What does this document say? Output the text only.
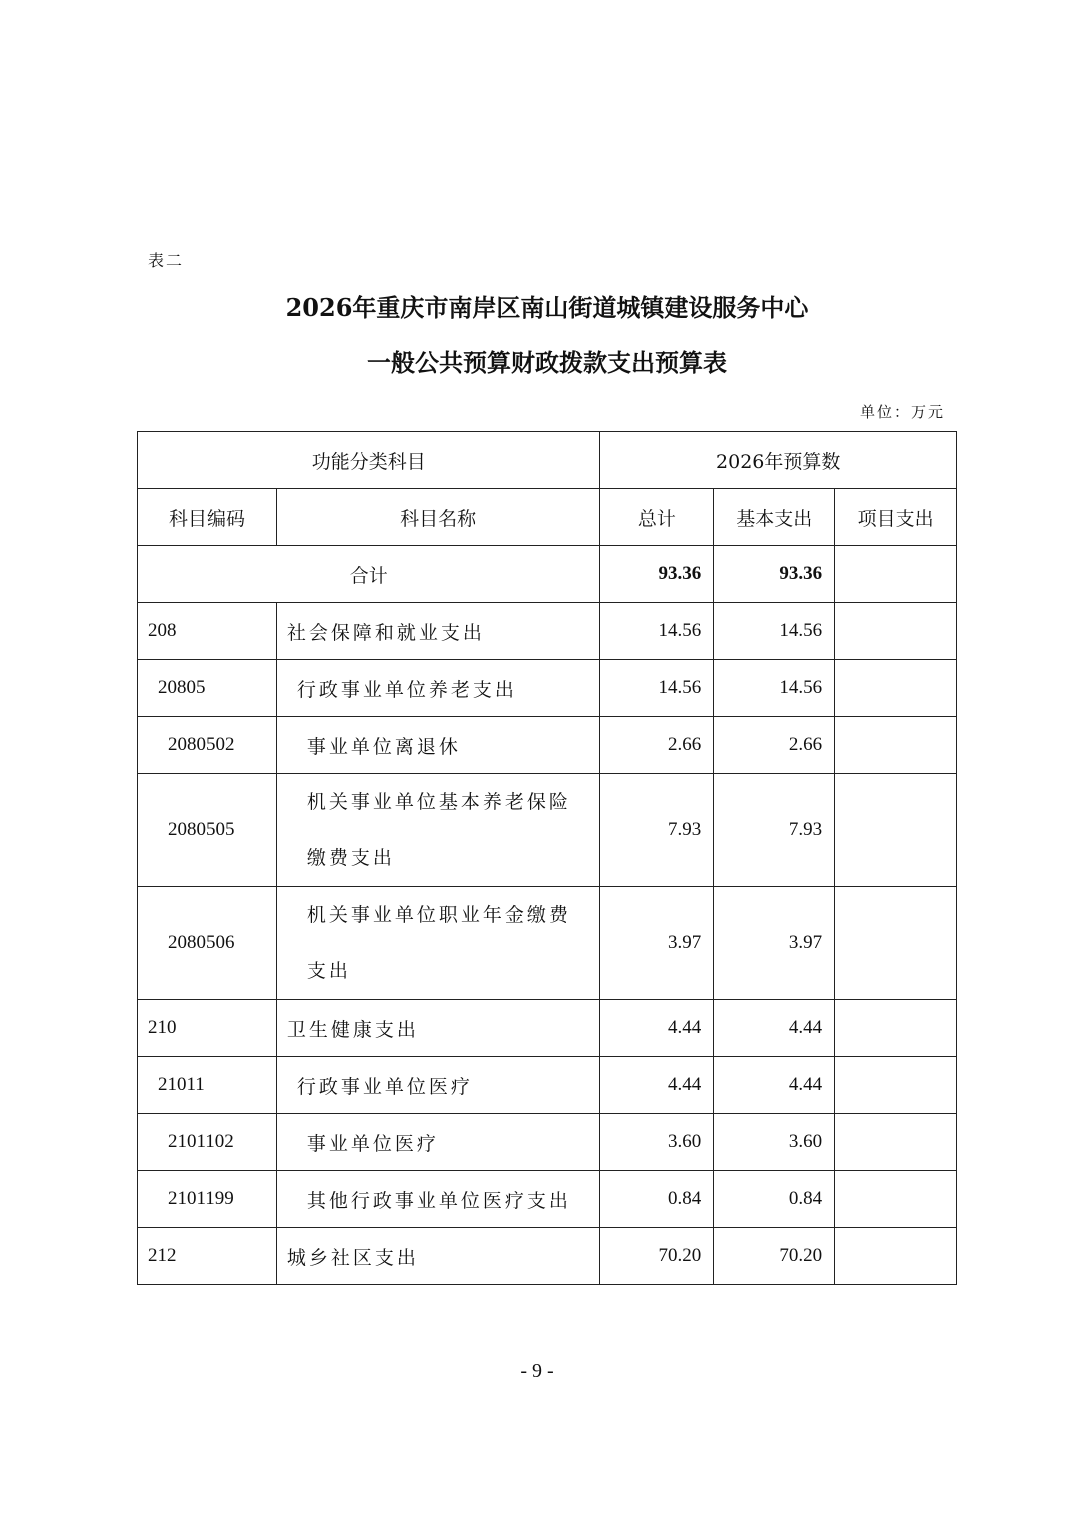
表二
2026年重庆市南岸区南山街道城镇建设服务中心
一般公共预算财政拨款支出预算表
单位：万元
功能分类科目		2026年预算数		
科目编码	科目名称	总计	基本支出	项目支出
合计		93.36	93.36	
208	社会保障和就业支出	14.56	14.56	
20805	行政事业单位养老支出	14.56	14.56	
2080502	事业单位离退休	2.66	2.66	
2080505	机关事业单位基本养老保险缴费支出	7.93	7.93	
2080506	机关事业单位职业年金缴费支出	3.97	3.97	
210	卫生健康支出	4.44	4.44	
21011	行政事业单位医疗	4.44	4.44	
2101102	事业单位医疗	3.60	3.60	
2101199	其他行政事业单位医疗支出	0.84	0.84	
212	城乡社区支出	70.20	70.20	
- 9 -
